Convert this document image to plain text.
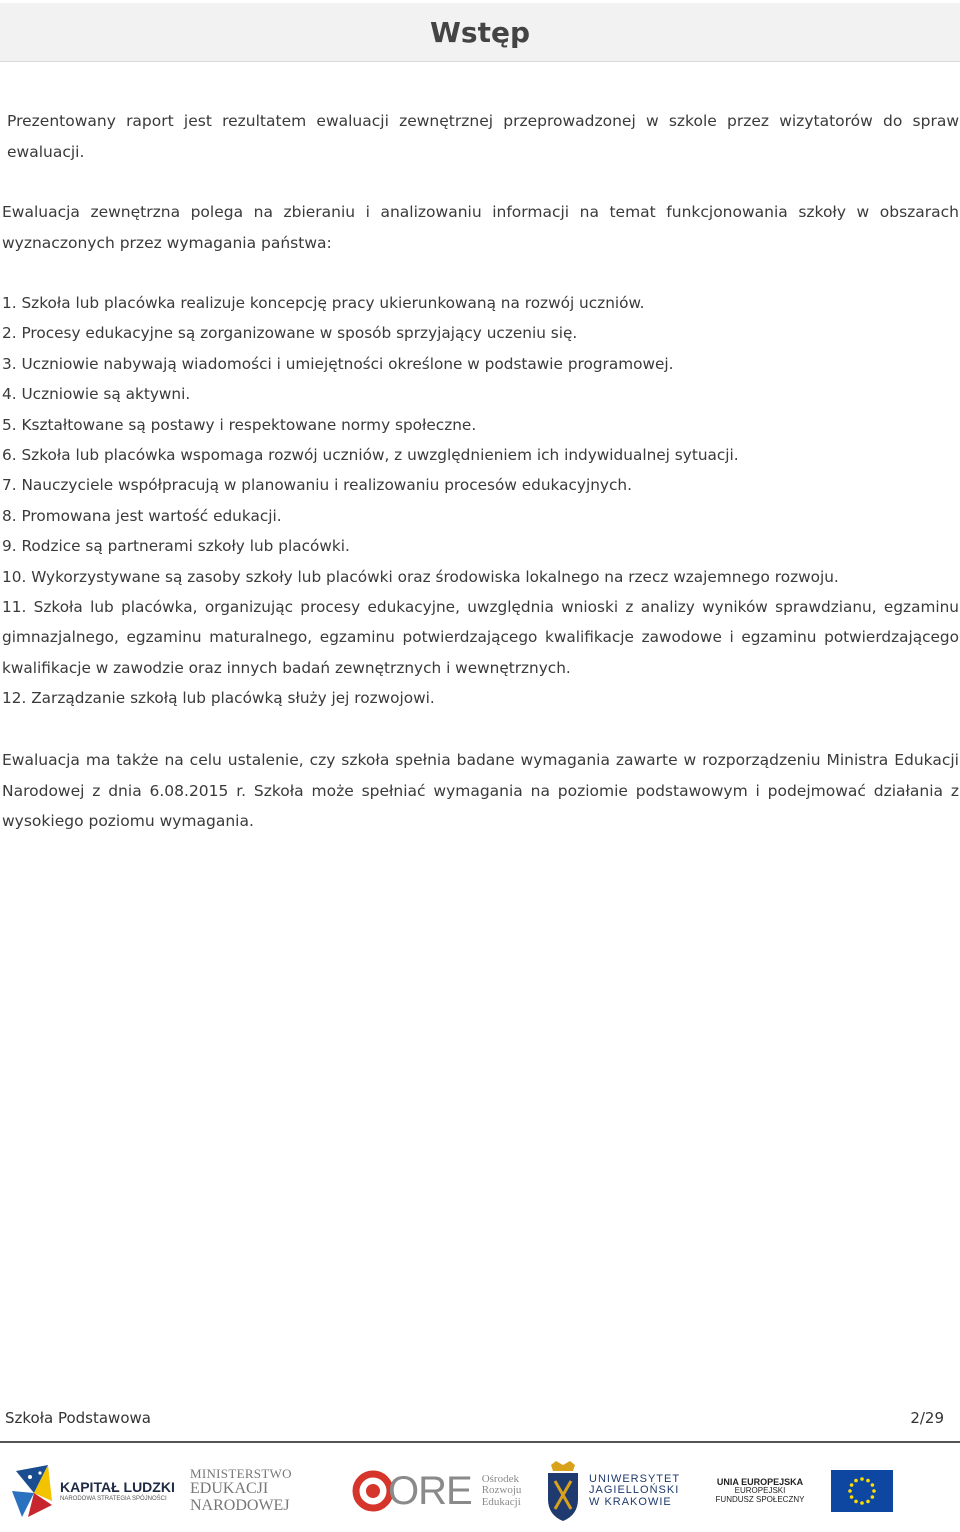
Wstęp

Prezentowany raport jest rezultatem ewaluacji zewnętrznej przeprowadzonej w szkole przez wizytatorów do spraw ewaluacji.

Ewaluacja zewnętrzna polega na zbieraniu i analizowaniu informacji na temat funkcjonowania szkoły w obszarach wyznaczonych przez wymagania państwa:

1. Szkoła lub placówka realizuje koncepcję pracy ukierunkowaną na rozwój uczniów.
2. Procesy edukacyjne są zorganizowane w sposób sprzyjający uczeniu się.
3. Uczniowie nabywają wiadomości i umiejętności określone w podstawie programowej.
4. Uczniowie są aktywni.
5. Kształtowane są postawy i respektowane normy społeczne.
6. Szkoła lub placówka wspomaga rozwój uczniów, z uwzględnieniem ich indywidualnej sytuacji.
7. Nauczyciele współpracują w planowaniu i realizowaniu procesów edukacyjnych.
8. Promowana jest wartość edukacji.
9. Rodzice są partnerami szkoły lub placówki.
10. Wykorzystywane są zasoby szkoły lub placówki oraz środowiska lokalnego na rzecz wzajemnego rozwoju.
11. Szkoła lub placówka, organizując procesy edukacyjne, uwzględnia wnioski z analizy wyników sprawdzianu, egzaminu gimnazjalnego, egzaminu maturalnego, egzaminu potwierdzającego kwalifikacje zawodowe i egzaminu potwierdzającego kwalifikacje w zawodzie oraz innych badań zewnętrznych i wewnętrznych.
12. Zarządzanie szkołą lub placówką służy jej rozwojowi.

Ewaluacja ma także na celu ustalenie, czy szkoła spełnia badane wymagania zawarte w rozporządzeniu Ministra Edukacji Narodowej z dnia 6.08.2015 r. Szkoła może spełniać wymagania na poziomie podstawowym i podejmować działania z wysokiego poziomu wymagania.

Szkoła Podstawowa	2/29
KAPITAŁ LUDZKI
NARODOWA STRATEGIA SPÓJNOŚCI
MINISTERSTWO
EDUKACJI
NARODOWEJ ORE Ośrodek
Rozwoju
Edukacji
UNIWERSYTET
JAGIELLOŃSKI
W KRAKOWIE
UNIA EUROPEJSKA
EUROPEJSKI
FUNDUSZ SPOŁECZNY
